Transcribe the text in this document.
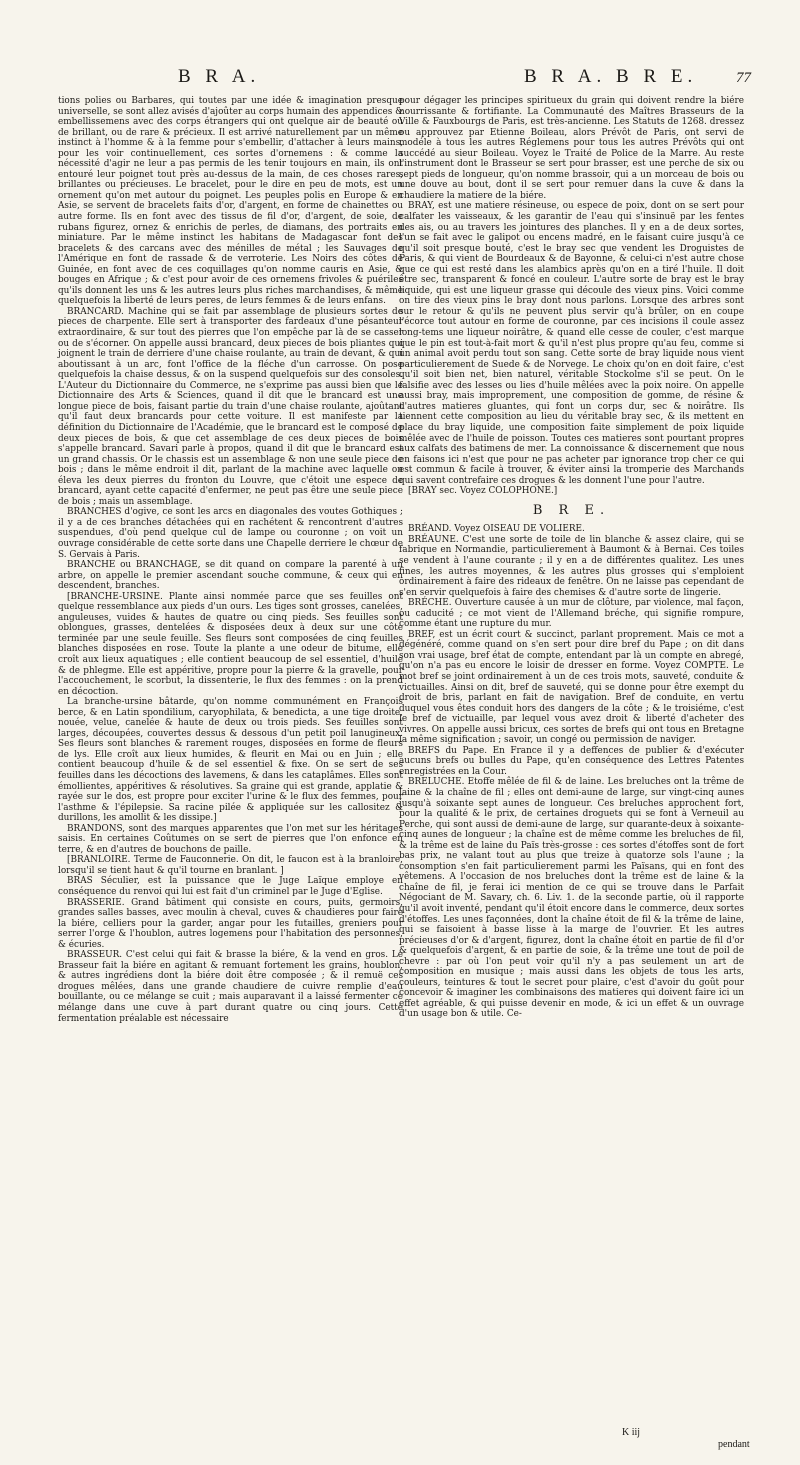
B R A.	B R A. B R E.	77

tions polies ou Barbares, qui toutes par une idée & imagination presque universelle, se sont allez avisés d'ajoûter au corps humain des appendices & embellissemens avec des corps étrangers qui ont quelque air de beauté ou de brillant, ou de rare & précieux. Il est arrivé naturellement par un même instinct à l'homme & à la femme pour s'embellir, d'attacher à leurs mains, pour les voir continuellement, ces sortes d'ornemens : & comme la nécessité d'agir ne leur a pas permis de les tenir toujours en main, ils ont entouré leur poignet tout près au-dessus de la main, de ces choses rares, brillantes ou précieuses. Le bracelet, pour le dire en peu de mots, est un ornement qu'on met autour du poignet. Les peuples polis en Europe & en Asie, se servent de bracelets faits d'or, d'argent, en forme de chainettes ou autre forme. Ils en font avec des tissus de fil d'or, d'argent, de soie, de rubans figurez, ornez & enrichis de perles, de diamans, des portraits en miniature. Par le même instinct les habitans de Madagascar font des bracelets & des carcans avec des ménilles de métal ; les Sauvages de l'Amérique en font de rassade & de verroterie. Les Noirs des côtes de Guinée, en font avec de ces coquillages qu'on nomme cauris en Asie, & bouges en Afrique ; & c'est pour avoir de ces ornemens frivoles & puériles qu'ils donnent les uns & les autres leurs plus riches marchandises, & même quelquefois la liberté de leurs peres, de leurs femmes & de leurs enfans.

BRANCARD. Machine qui se fait par assemblage de plusieurs sortes de pieces de charpente. Elle sert à transporter des fardeaux d'une pésanteur extraordinaire, & sur tout des pierres que l'on empêche par là de se casser ou de s'écorner. On appelle aussi brancard, deux pieces de bois pliantes qui joignent le train de derriere d'une chaise roulante, au train de devant, & qui aboutissant à un arc, font l'office de la fléche d'un carrosse. On pose quelquefois la chaise dessus, & on la suspend quelquefois sur des consoles. L'Auteur du Dictionnaire du Commerce, ne s'exprime pas aussi bien que le Dictionnaire des Arts & Sciences, quand il dit que le brancard est une longue piece de bois, faisant partie du train d'une chaise roulante, ajoûtant qu'il faut deux brancards pour cette voiture. Il est manifeste par la définition du Dictionnaire de l'Académie, que le brancard est le composé de deux pieces de bois, & que cet assemblage de ces deux pieces de bois s'appelle brancard. Savari parle à propos, quand il dit que le brancard est un grand chassis. Or le chassis est un assemblage & non une seule piece de bois ; dans le même endroit il dit, parlant de la machine avec laquelle on éleva les deux pierres du fronton du Louvre, que c'étoit une espece de brancard, ayant cette capacité d'enfermer, ne peut pas être une seule piece de bois ; mais un assemblage.

BRANCHES d'ogive, ce sont les arcs en diagonales des voutes Gothiques ; il y a de ces branches détachées qui en rachétent & rencontrent d'autres suspendues, d'où pend quelque cul de lampe ou couronne ; on voit un ouvrage considérable de cette sorte dans une Chapelle derriere le chœur de S. Gervais à Paris.

BRANCHE ou BRANCHAGE, se dit quand on compare la parenté à un arbre, on appelle le premier ascendant souche commune, & ceux qui en descendent, branches.

[BRANCHE-URSINE. Plante ainsi nommée parce que ses feuilles ont quelque ressemblance aux pieds d'un ours. Les tiges sont grosses, canelées, anguleuses, vuides & hautes de quatre ou cinq pieds. Ses feuilles sont oblongues, grasses, dentelées & disposées deux à deux sur une côte terminée par une seule feuille. Ses fleurs sont composées de cinq feuilles blanches disposées en rose. Toute la plante a une odeur de bitume, elle croît aux lieux aquatiques ; elle contient beaucoup de sel essentiel, d'huile & de phlegme. Elle est appéritive, propre pour la pierre & la gravelle, pour l'accouchement, le scorbut, la dissenterie, le flux des femmes : on la prend en décoction.

La branche-ursine bâtarde, qu'on nomme communément en François berce, & en Latin spondilium, caryophilata, & benedicta, a une tige droite, nouée, velue, canelée & haute de deux ou trois pieds. Ses feuilles sont larges, découpées, couvertes dessus & dessous d'un petit poil lanugineux. Ses fleurs sont blanches & rarement rouges, disposées en forme de fleurs de lys. Elle croît aux lieux humides, & fleurit en Mai ou en Juin ; elle contient beaucoup d'huile & de sel essentiel & fixe. On se sert de ses feuilles dans les décoctions des lavemens, & dans les cataplâmes. Elles sont émollientes, appéritives & résolutives. Sa graine qui est grande, applatie & rayée sur le dos, est propre pour exciter l'urine & le flux des femmes, pour l'asthme & l'épilepsie. Sa racine pilée & appliquée sur les callositez & durillons, les amollit & les dissipe.]

BRANDONS, sont des marques apparentes que l'on met sur les héritages saisis. En certaines Coûtumes on se sert de pierres que l'on enfonce en terre, & en d'autres de bouchons de paille.

[BRANLOIRE. Terme de Fauconnerie. On dit, le faucon est à la branloire, lorsqu'il se tient haut & qu'il tourne en branlant. ]

BRAS Séculier, est la puissance que le Juge Laïque employe en conséquence du renvoi qui lui est fait d'un criminel par le Juge d'Eglise.

BRASSERIE. Grand bâtiment qui consiste en cours, puits, germoirs, grandes salles basses, avec moulin à cheval, cuves & chaudieres pour faire la biére, celliers pour la garder, angar pour les futailles, greniers pour serrer l'orge & l'houblon, autres logemens pour l'habitation des personnes, & écuries.

BRASSEUR. C'est celui qui fait & brasse la biére, & la vend en gros. Le Brasseur fait la biére en agitant & remuant fortement les grains, houblon, & autres ingrédiens dont la biére doit être composée ; & il remuë ces drogues mêlées, dans une grande chaudiere de cuivre remplie d'eau bouillante, ou ce mélange se cuit ; mais auparavant il a laissé fermenter ce mélange dans une cuve à part durant quatre ou cinq jours. Cette fermentation préalable est nécessaire

pour dégager les principes spiritueux du grain qui doivent rendre la biére nourrissante & fortifiante. La Communauté des Maîtres Brasseurs de la Ville & Fauxbourgs de Paris, est très-ancienne. Les Statuts de 1268. dressez ou approuvez par Etienne Boileau, alors Prévôt de Paris, ont servi de modéle à tous les autres Réglemens pour tous les autres Prévôts qui ont succédé au sieur Boileau. Voyez le Traité de Police de la Marre. Au reste l'instrument dont le Brasseur se sert pour brasser, est une perche de six ou sept pieds de longueur, qu'on nomme brassoir, qui a un morceau de bois ou une douve au bout, dont il se sert pour remuer dans la cuve & dans la chaudiere la matiere de la biére.

BRAY, est une matiere résineuse, ou espece de poix, dont on se sert pour calfater les vaisseaux, & les garantir de l'eau qui s'insinuë par les fentes des ais, ou au travers les jointures des planches. Il y en a de deux sortes, l'un se fait avec le galipot ou encens madré, en le faisant cuire jusqu'à ce qu'il soit presque bouté, c'est le bray sec que vendent les Droguistes de Paris, & qui vient de Bourdeaux & de Bayonne, & celui-ci n'est autre chose que ce qui est resté dans les alambics après qu'on en a tiré l'huile. Il doit être sec, transparent & foncé en couleur. L'autre sorte de bray est le bray liquide, qui est une liqueur grasse qui découle des vieux pins. Voici comme on tire des vieux pins le bray dont nous parlons. Lorsque des arbres sont sur le retour & qu'ils ne peuvent plus servir qu'à brûler, on en coupe l'écorce tout autour en forme de couronne, par ces incisions il coule assez long-tems une liqueur noirâtre, & quand elle cesse de couler, c'est marque que le pin est tout-à-fait mort & qu'il n'est plus propre qu'au feu, comme si un animal avoit perdu tout son sang. Cette sorte de bray liquide nous vient particulierement de Suede & de Norvege. Le choix qu'on en doit faire, c'est qu'il soit bien net, bien naturel, véritable Stockolme s'il se peut. On le falsifie avec des lesses ou lies d'huile mêlées avec la poix noire. On appelle aussi bray, mais improprement, une composition de gomme, de résine & d'autres matieres gluantes, qui font un corps dur, sec & noirâtre. Ils tiennent cette composition au lieu du véritable bray sec, & ils mettent en place du bray liquide, une composition faite simplement de poix liquide mêlée avec de l'huile de poisson. Toutes ces matieres sont pourtant propres aux calfats des batimens de mer. La connoissance & discernement que nous en faisons ici n'est que pour ne pas acheter par ignorance trop cher ce qui est commun & facile à trouver, & éviter ainsi la tromperie des Marchands qui savent contrefaire ces drogues & les donnent l'une pour l'autre.

[BRAY sec. Voyez COLOPHONE.]

B R E.

BRÉAND. Voyez OISEAU DE VOLIERE.

BRÉAUNE. C'est une sorte de toile de lin blanche & assez claire, qui se fabrique en Normandie, particulierement à Baumont & à Bernai. Ces toiles se vendent à l'aune courante ; il y en a de différentes qualitez. Les unes fines, les autres moyennes, & les autres plus grosses qui s'emploient ordinairement à faire des rideaux de fenêtre. On ne laisse pas cependant de s'en servir quelquefois à faire des chemises & d'autre sorte de lingerie.

BRÉCHE. Ouverture causée à un mur de clôture, par violence, mal façon, ou caducité ; ce mot vient de l'Allemand bréche, qui signifie rompure, comme étant une rupture du mur.

BREF, est un écrit court & succinct, parlant proprement. Mais ce mot a dégénéré, comme quand on s'en sert pour dire bref du Pape ; on dit dans son vrai usage, bref état de compte, entendant par là un compte en abregé, qu'on n'a pas eu encore le loisir de dresser en forme. Voyez COMPTE. Le mot bref se joint ordinairement à un de ces trois mots, sauveté, conduite & victuailles. Ainsi on dit, bref de sauveté, qui se donne pour être exempt du droit de bris, parlant en fait de navigation. Bref de conduite, en vertu duquel vous êtes conduit hors des dangers de la côte ; & le troisiéme, c'est le bref de victuaille, par lequel vous avez droit & liberté d'acheter des vivres. On appelle aussi bricux, ces sortes de brefs qui ont tous en Bretagne la même signification ; savoir, un congé ou permission de naviger.

BREFS du Pape. En France il y a deffences de publier & d'exécuter aucuns brefs ou bulles du Pape, qu'en conséquence des Lettres Patentes enregistrées en la Cour.

BRELUCHE. Etoffe mêlée de fil & de laine. Les breluches ont la trême de laine & la chaîne de fil ; elles ont demi-aune de large, sur vingt-cinq aunes jusqu'à soixante sept aunes de longueur. Ces breluches approchent fort, pour la qualité & le prix, de certaines droguets qui se font à Verneuil au Perche, qui sont aussi de demi-aune de large, sur quarante-deux à soixante-cinq aunes de longueur ; la chaîne est de même comme les breluches de fil, & la trême est de laine du Païs très-grosse : ces sortes d'étoffes sont de fort bas prix, ne valant tout au plus que treize à quatorze sols l'aune ; la consomption s'en fait particulierement parmi les Païsans, qui en font des vêtemens. A l'occasion de nos breluches dont la trême est de laine & la chaîne de fil, je ferai ici mention de ce qui se trouve dans le Parfait Négociant de M. Savary, ch. 6. Liv. 1. de la seconde partie, où il rapporte qu'il avoit inventé, pendant qu'il étoit encore dans le commerce, deux sortes d'étoffes. Les unes façonnées, dont la chaîne étoit de fil & la trême de laine, qui se faisoient à basse lisse à la marge de l'ouvrier. Et les autres précieuses d'or & d'argent, figurez, dont la chaîne étoit en partie de fil d'or & quelquefois d'argent, & en partie de soie, & la trême une tout de poil de chevre : par où l'on peut voir qu'il n'y a pas seulement un art de composition en musique ; mais aussi dans les objets de tous les arts, couleurs, teintures & tout le secret pour plaire, c'est d'avoir du goût pour concevoir & imaginer les combinaisons des matieres qui doivent faire ici un effet agréable, & qui puisse devenir en mode, & ici un effet & un ouvrage d'un usage bon & utile. Ce-

K iij
pendant
